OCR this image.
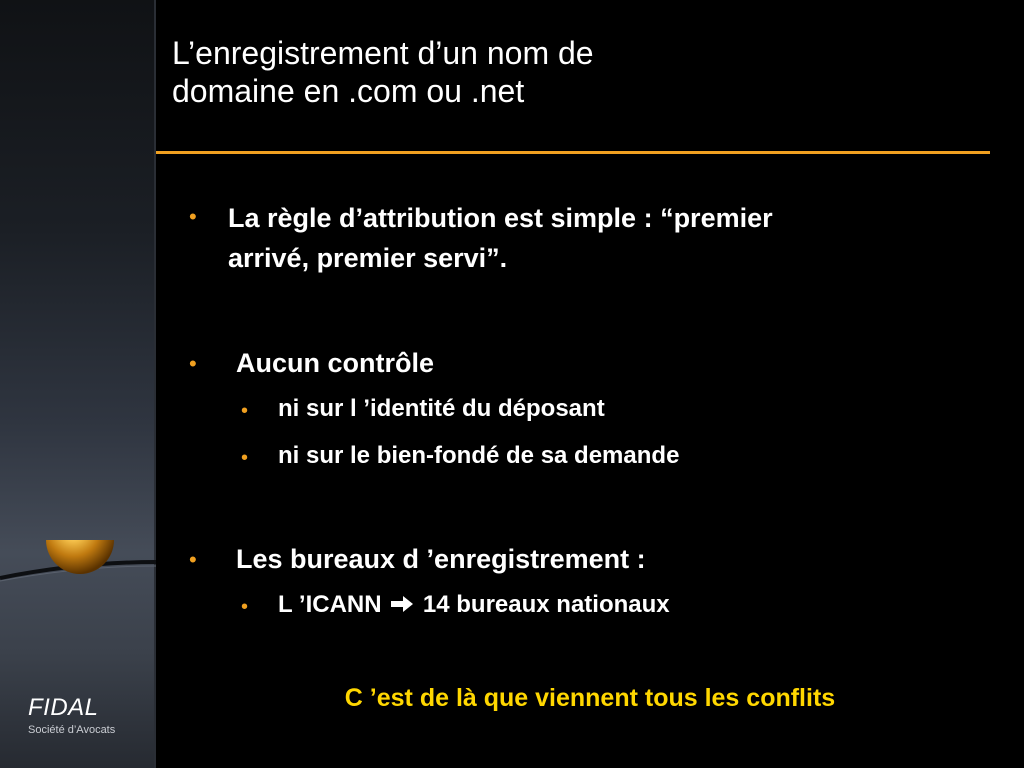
FIDAL
Société d’Avocats
L’enregistrement d’un nom de
domaine en .com ou .net
• La règle d’attribution est simple : “premier
arrivé, premier servi”.
• Aucun contrôle
• ni sur l ’identité du déposant
• ni sur le bien-fondé de sa demande
• Les bureaux d ’enregistrement :
• L ’ICANN 14 bureaux nationaux
C ’est de là que viennent tous les conflits
